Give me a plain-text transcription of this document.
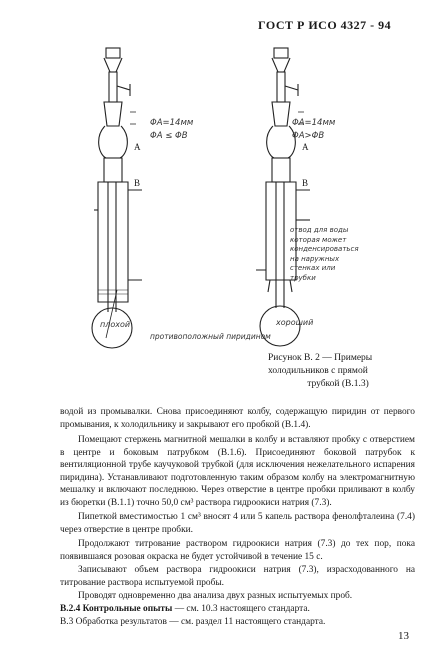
ГОСТ Р ИСО 4327 - 94
ΦA=14мм
ΦA ≤ ΦB
A
B
плохой
ΦA=14мм
ΦA>ΦB
A
B
отвод для воды
которая может
конденсироваться
на наружных
стенках или
трубки
хороший
противоположный пиридином
Рисунок В. 2 — Примеры холодильников с прямой
трубкой (В.1.3)
водой из промывалки. Снова присоединяют колбу, содержащую пиридин от первого промывания, к холодильнику и закрывают его пробкой (В.1.4).
Помещают стержень магнитной мешалки в колбу и вставляют пробку с отверстием в центре и боковым патрубком (В.1.6). Присоединяют боковой патрубок к вентиляционной трубе каучуковой трубкой (для исключения нежелательного испарения пиридина). Устанавливают подготовленную таким образом колбу на электромагнитную мешалку и включают последнюю. Через отверстие в центре пробки приливают в колбу из бюретки (В.1.1) точно 50,0 см³ раствора гидроокиси натрия (7.3).
Пипеткой вместимостью 1 см³ вносят 4 или 5 капель раствора фенолфталеина (7.4) через отверстие в центре пробки.
Продолжают титрование раствором гидроокиси натрия (7.3) до тех пор, пока появившаяся розовая окраска не будет устойчивой в течение 15 с.
Записывают объем раствора гидроокиси натрия (7.3), израсходованного на титрование раствора испытуемой пробы.
Проводят одновременно два анализа двух разных испытуемых проб.
В.2.4 Контрольные опыты — см. 10.3 настоящего стандарта.
В.3 Обработка результатов — см. раздел 11 настоящего стандарта.
13
